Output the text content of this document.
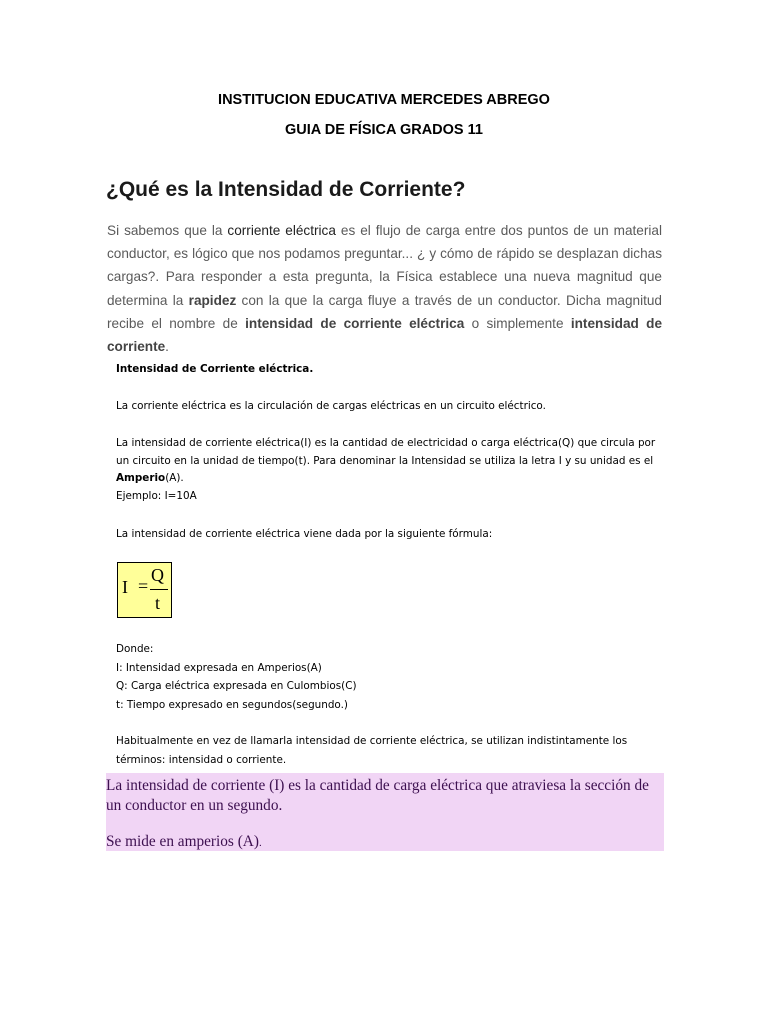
INSTITUCION EDUCATIVA MERCEDES ABREGO
GUIA DE FÍSICA GRADOS 11
¿Qué es la Intensidad de Corriente?
Si sabemos que la corriente eléctrica es el flujo de carga entre dos puntos de un material conductor, es lógico que nos podamos preguntar... ¿ y cómo de rápido se desplazan dichas cargas?. Para responder a esta pregunta, la Física establece una nueva magnitud que determina la rapidez con la que la carga fluye a través de un conductor. Dicha magnitud recibe el nombre de intensidad de corriente eléctrica o simplemente intensidad de corriente.
Intensidad de Corriente eléctrica.
La corriente eléctrica es la circulación de cargas eléctricas en un circuito eléctrico.
La intensidad de corriente eléctrica(I) es la cantidad de electricidad o carga eléctrica(Q) que circula por un circuito en la unidad de tiempo(t). Para denominar la Intensidad se utiliza la letra I y su unidad es el Amperio(A).
Ejemplo: I=10A
La intensidad de corriente eléctrica viene dada por la siguiente fórmula:
I =
Q
t
Donde:
I: Intensidad expresada en Amperios(A)
Q: Carga eléctrica expresada en Culombios(C)
t: Tiempo expresado en segundos(segundo.)
Habitualmente en vez de llamarla intensidad de corriente eléctrica, se utilizan indistintamente los términos: intensidad o corriente.
La intensidad de corriente (I) es la cantidad de carga eléctrica que atraviesa la sección de un conductor en un segundo.
Se mide en amperios (A).
